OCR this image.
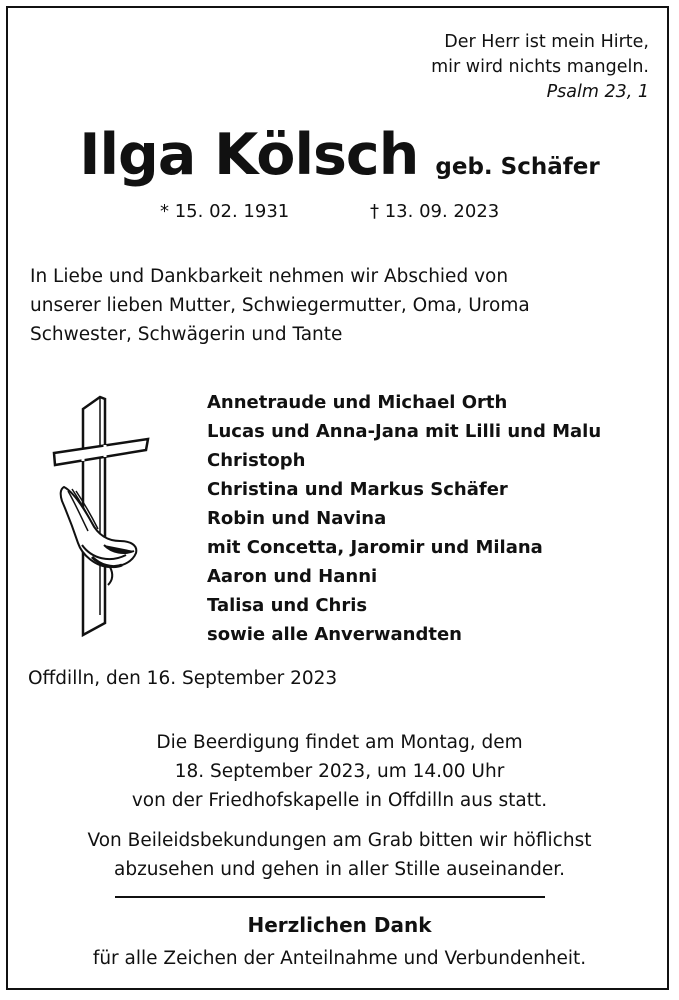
Der Herr ist mein Hirte,
mir wird nichts mangeln.
Psalm 23, 1
Ilga Kölsch geb. Schäfer
* 15. 02. 1931	† 13. 09. 2023
In Liebe und Dankbarkeit nehmen wir Abschied von
unserer lieben Mutter, Schwiegermutter, Oma, Uroma
Schwester, Schwägerin und Tante
Annetraude und Michael Orth
Lucas und Anna-Jana mit Lilli und Malu
Christoph
Christina und Markus Schäfer
Robin und Navina
mit Concetta, Jaromir und Milana
Aaron und Hanni
Talisa und Chris
sowie alle Anverwandten
Offdilln, den 16. September 2023
Die Beerdigung findet am Montag, dem
18. September 2023, um 14.00 Uhr
von der Friedhofskapelle in Offdilln aus statt.
Von Beileidsbekundungen am Grab bitten wir höflichst
abzusehen und gehen in aller Stille auseinander.
Herzlichen Dank
für alle Zeichen der Anteilnahme und Verbundenheit.
